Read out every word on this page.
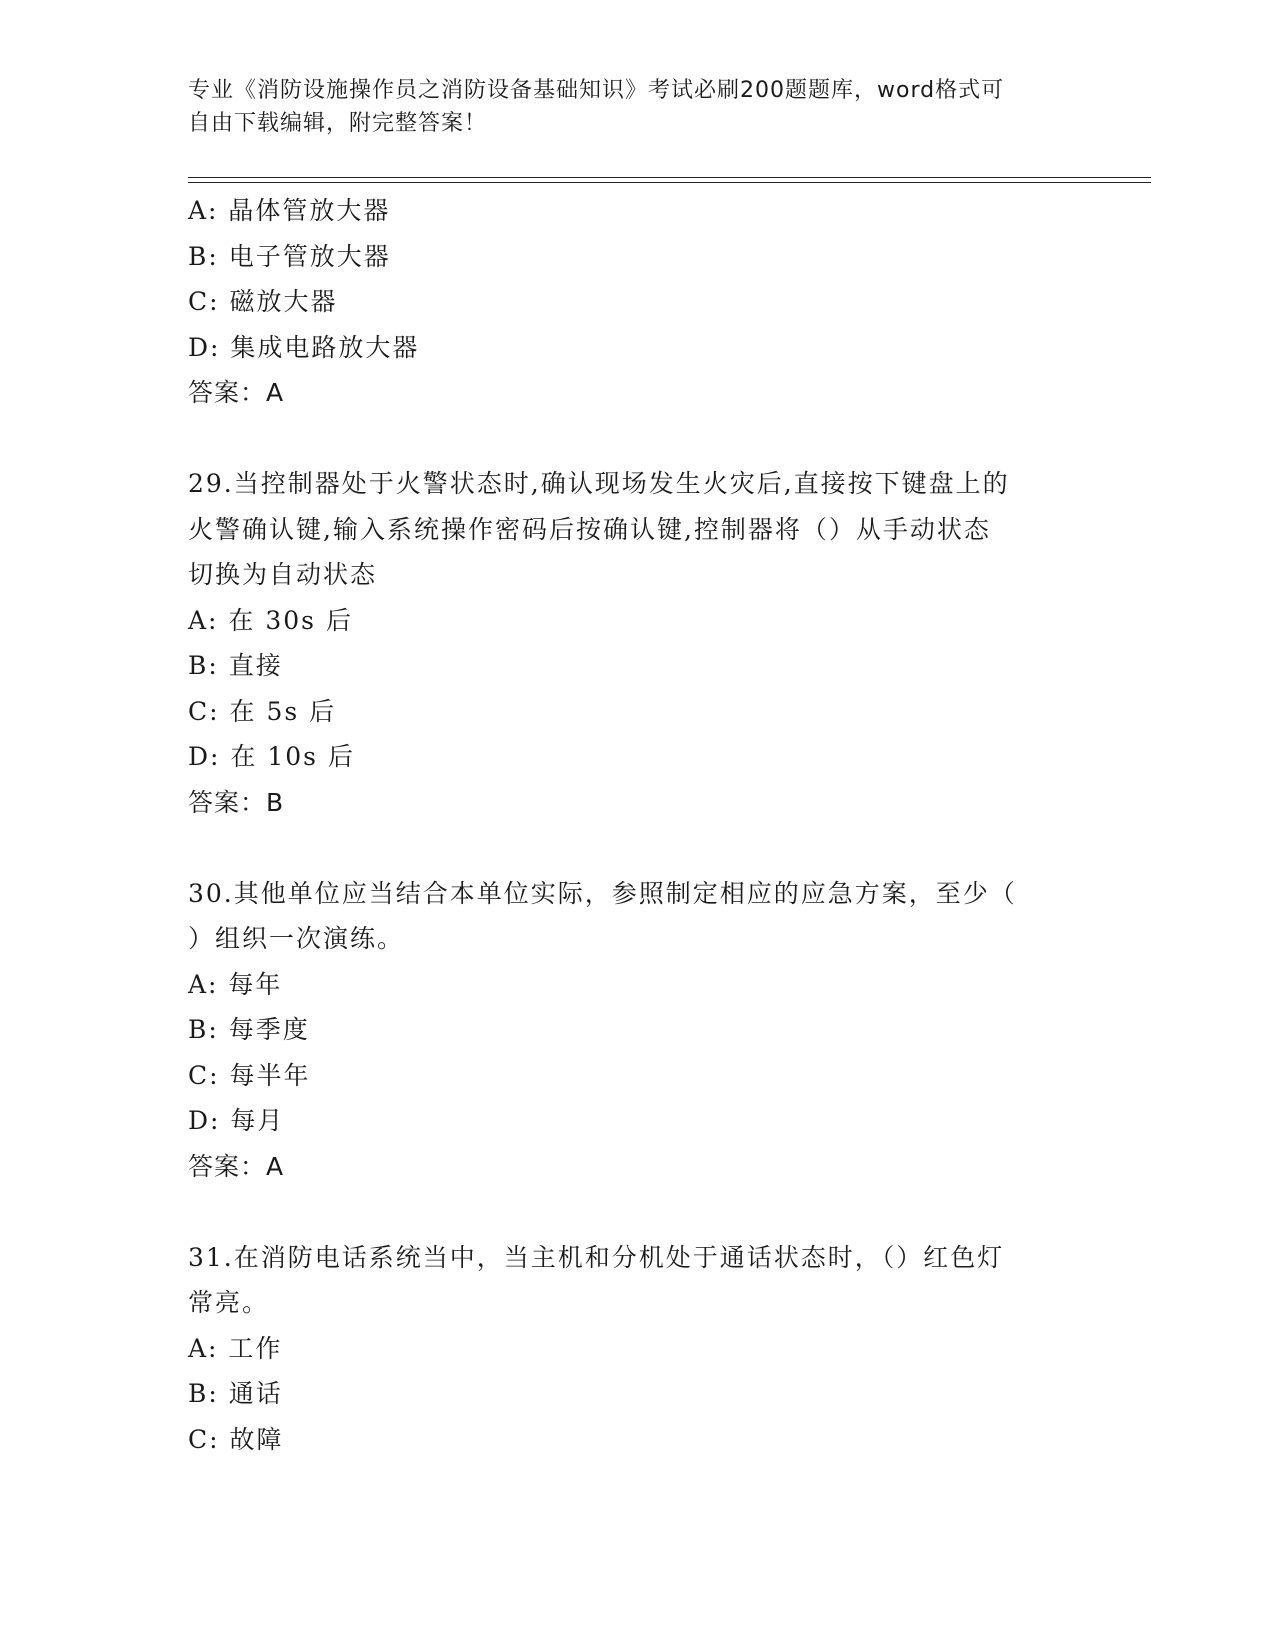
专业《消防设施操作员之消防设备基础知识》考试必刷200题题库，word格式可
自由下载编辑，附完整答案！
A: 晶体管放大器
B: 电子管放大器
C: 磁放大器
D: 集成电路放大器
答案：A
29.当控制器处于火警状态时,确认现场发生火灾后,直接按下键盘上的
火警确认键,输入系统操作密码后按确认键,控制器将（）从手动状态
切换为自动状态
A: 在 30s 后
B: 直接
C: 在 5s 后
D: 在 10s 后
答案：B
30.其他单位应当结合本单位实际，参照制定相应的应急方案，至少（
）组织一次演练。
A: 每年
B: 每季度
C: 每半年
D: 每月
答案：A
31.在消防电话系统当中，当主机和分机处于通话状态时，（）红色灯
常亮。
A: 工作
B: 通话
C: 故障
